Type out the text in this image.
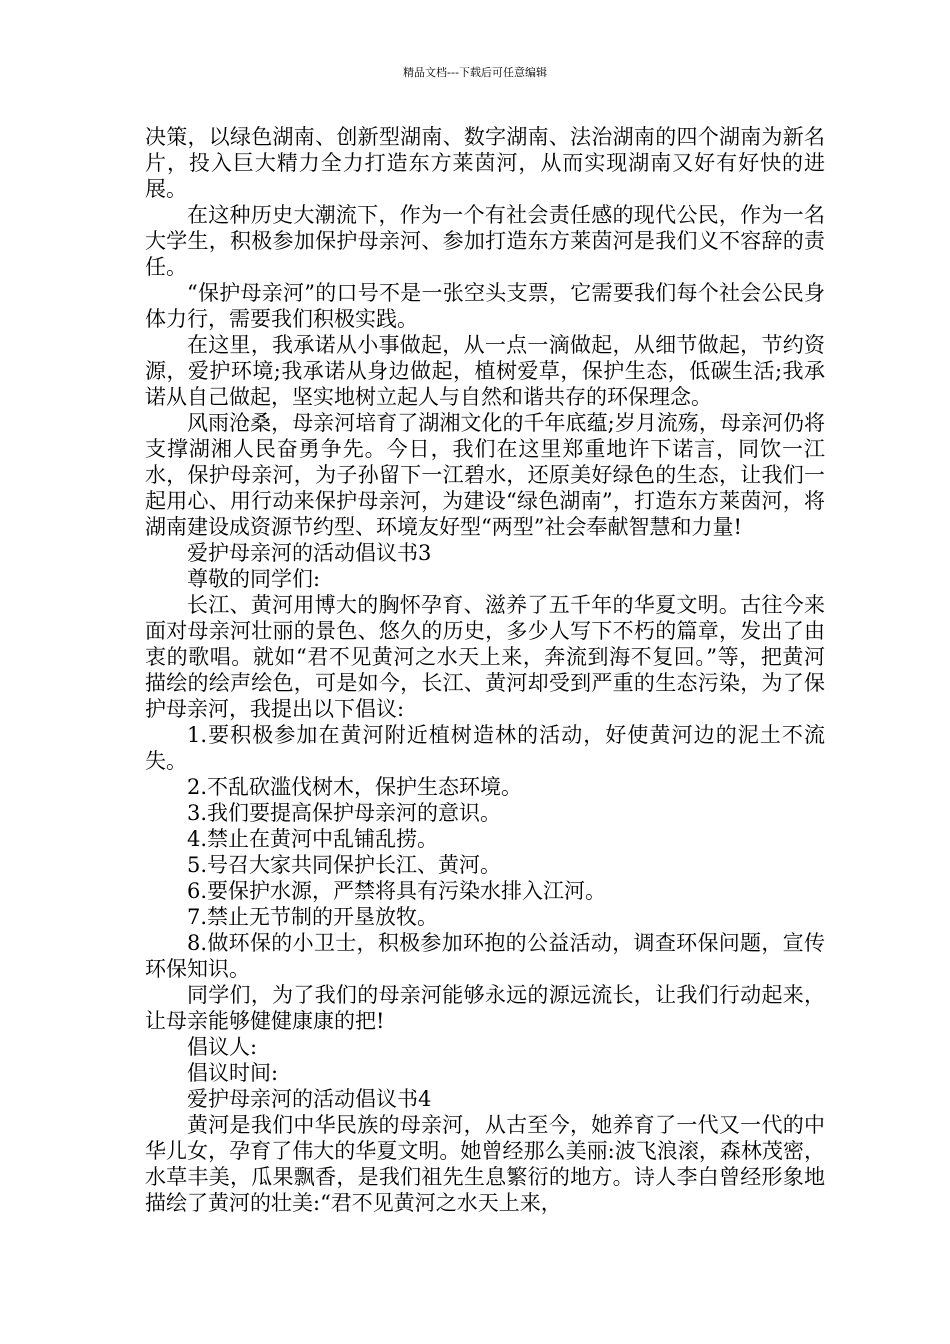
精品文档---下载后可任意编辑

决策，以绿色湖南、创新型湖南、数字湖南、法治湖南的四个湖南为新名片，投入巨大精力全力打造东方莱茵河，从而实现湖南又好有好快的进展。

在这种历史大潮流下，作为一个有社会责任感的现代公民，作为一名大学生，积极参加保护母亲河、参加打造东方莱茵河是我们义不容辞的责任。

“保护母亲河”的口号不是一张空头支票，它需要我们每个社会公民身体力行，需要我们积极实践。

在这里，我承诺从小事做起，从一点一滴做起，从细节做起，节约资源，爱护环境;我承诺从身边做起，植树爱草，保护生态，低碳生活;我承诺从自己做起，坚实地树立起人与自然和谐共存的环保理念。

风雨沧桑，母亲河培育了湖湘文化的千年底蕴;岁月流殇，母亲河仍将支撑湖湘人民奋勇争先。今日，我们在这里郑重地许下诺言，同饮一江水，保护母亲河，为子孙留下一江碧水，还原美好绿色的生态，让我们一起用心、用行动来保护母亲河，为建设“绿色湖南”，打造东方莱茵河，将湖南建设成资源节约型、环境友好型“两型”社会奉献智慧和力量!

爱护母亲河的活动倡议书3

尊敬的同学们:

长江、黄河用博大的胸怀孕育、滋养了五千年的华夏文明。古往今来面对母亲河壮丽的景色、悠久的历史，多少人写下不朽的篇章，发出了由衷的歌唱。就如“君不见黄河之水天上来，奔流到海不复回。”等，把黄河描绘的绘声绘色，可是如今，长江、黄河却受到严重的生态污染，为了保护母亲河，我提出以下倡议:

1.要积极参加在黄河附近植树造林的活动，好使黄河边的泥土不流失。

2.不乱砍滥伐树木，保护生态环境。

3.我们要提高保护母亲河的意识。

4.禁止在黄河中乱铺乱捞。

5.号召大家共同保护长江、黄河。

6.要保护水源，严禁将具有污染水排入江河。

7.禁止无节制的开垦放牧。

8.做环保的小卫士，积极参加环抱的公益活动，调查环保问题，宣传环保知识。

同学们，为了我们的母亲河能够永远的源远流长，让我们行动起来，让母亲能够健健康康的把!

倡议人:

倡议时间:

爱护母亲河的活动倡议书4

黄河是我们中华民族的母亲河，从古至今，她养育了一代又一代的中华儿女，孕育了伟大的华夏文明。她曾经那么美丽:波飞浪滚，森林茂密，水草丰美，瓜果飘香，是我们祖先生息繁衍的地方。诗人李白曾经形象地描绘了黄河的壮美:“君不见黄河之水天上来，
